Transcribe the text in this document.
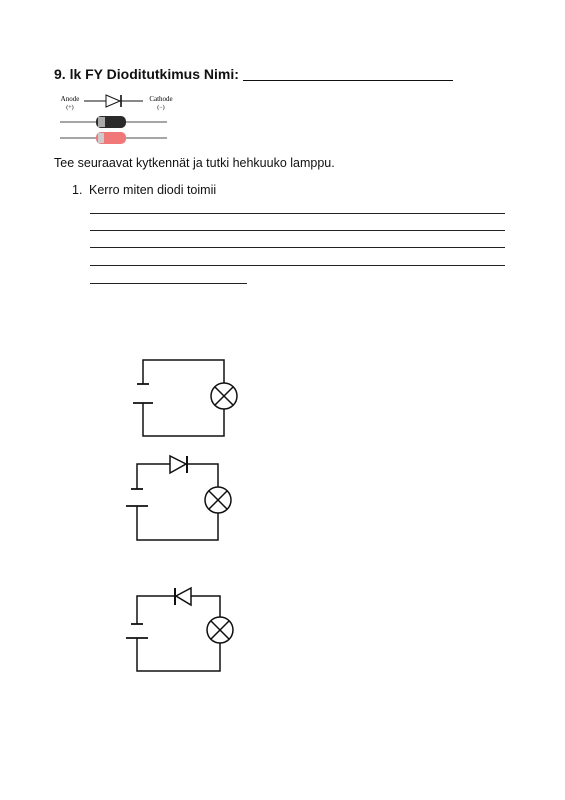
9. lk FY Dioditutkimus Nimi:
Anode
(+)
Cathode
(−)
Tee seuraavat kytkennät ja tutki hehkuuko lamppu.
1. Kerro miten diodi toimii
